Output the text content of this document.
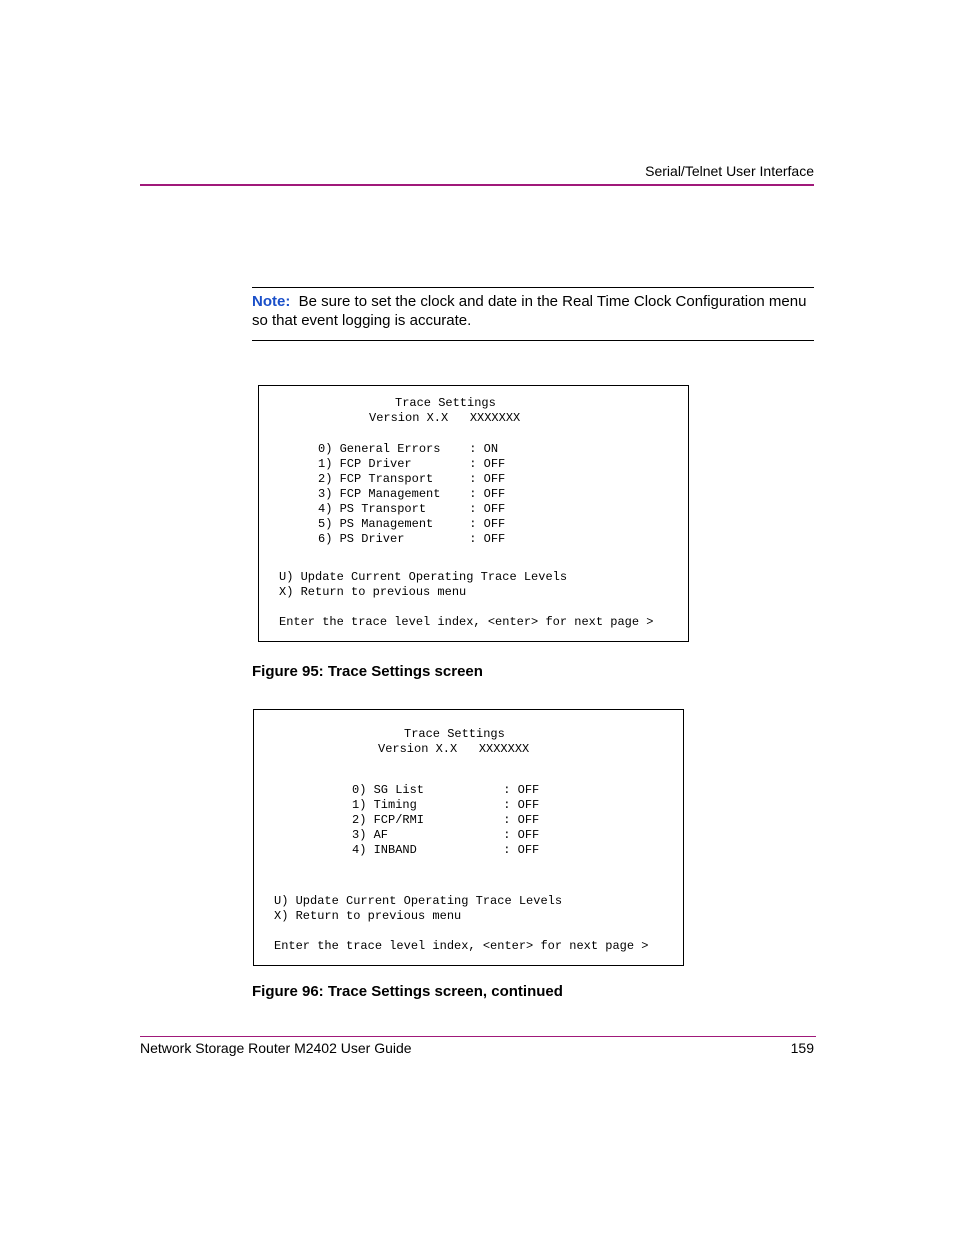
Serial/Telnet User Interface
Note: Be sure to set the clock and date in the Real Time Clock Configuration menu so that event logging is accurate.
Trace Settings
Version X.X   XXXXXXX
0) General Errors    : ON
1) FCP Driver        : OFF
2) FCP Transport     : OFF
3) FCP Management    : OFF
4) PS Transport      : OFF
5) PS Management     : OFF
6) PS Driver         : OFF
U) Update Current Operating Trace Levels
X) Return to previous menu
Enter the trace level index, <enter> for next page >
Figure 95: Trace Settings screen
Trace Settings
Version X.X   XXXXXXX
0) SG List           : OFF
1) Timing            : OFF
2) FCP/RMI           : OFF
3) AF                : OFF
4) INBAND            : OFF
U) Update Current Operating Trace Levels
X) Return to previous menu
Enter the trace level index, <enter> for next page >
Figure 96: Trace Settings screen, continued
Network Storage Router M2402 User Guide	159
